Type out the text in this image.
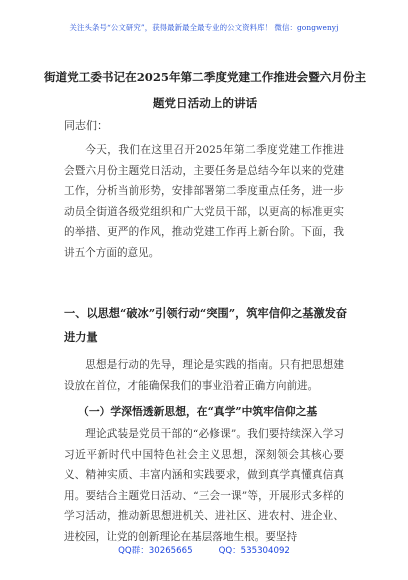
关注头条号“公文研究”，获得最新最全最专业的公文资料库！ 微信：gongwenyj
街道党工委书记在2025年第二季度党建工作推进会暨六月份主题党日活动上的讲话
同志们：
今天，我们在这里召开2025年第二季度党建工作推进会暨六月份主题党日活动，主要任务是总结今年以来的党建工作，分析当前形势，安排部署第二季度重点任务，进一步动员全街道各级党组织和广大党员干部，以更高的标准更实的举措、更严的作风，推动党建工作再上新台阶。下面，我讲五个方面的意见。
一、以思想“破冰”引领行动“突围”，筑牢信仰之基激发奋进力量
思想是行动的先导，理论是实践的指南。只有把思想建设放在首位，才能确保我们的事业沿着正确方向前进。
（一）学深悟透新思想，在“真学”中筑牢信仰之基
理论武装是党员干部的“必修课”。我们要持续深入学习习近平新时代中国特色社会主义思想，深刻领会其核心要义、精神实质、丰富内涵和实践要求，做到真学真懂真信真用。要结合主题党日活动、“三会一课”等，开展形式多样的学习活动，推动新思想进机关、进社区、进农村、进企业、进校园，让党的创新理论在基层落地生根。要坚持
QQ群：30265665	QQ：535304092
